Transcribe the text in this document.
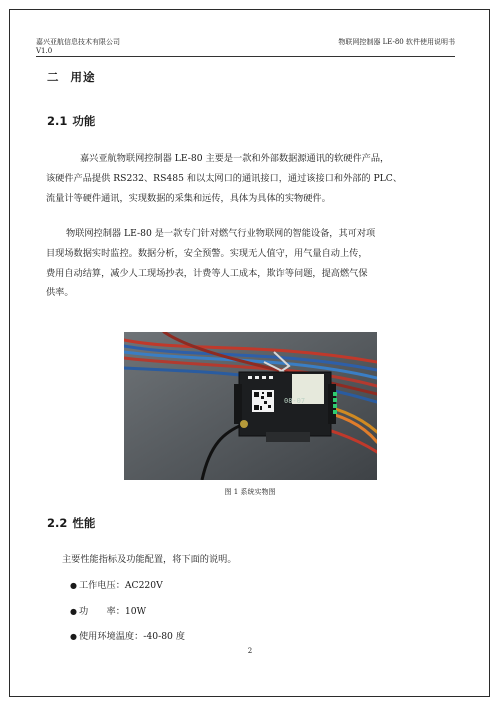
嘉兴亚航信息技术有限公司
V1.0
物联网控制器 LE-80 软件使用说明书
二 用途
2.1 功能
嘉兴亚航物联网控制器 LE-80 主要是一款和外部数据源通讯的软硬件产品，
该硬件产品提供 RS232、RS485 和以太网口的通讯接口，通过该接口和外部的 PLC、
流量计等硬件通讯，实现数据的采集和远传，具体为具体的实物硬件。
物联网控制器 LE-80 是一款专门针对燃气行业物联网的智能设备，其可对项
目现场数据实时监控。数据分析，安全预警。实现无人值守，用气量自动上传，
费用自动结算，减少人工现场抄表，计费等人工成本，欺诈等问题，提高燃气保
供率。
08-07
图 1 系统实物图
2.2 性能
主要性能指标及功能配置，将下面的说明。
● 工作电压：AC220V
● 功　　率：10W
● 使用环境温度：-40-80 度
2
